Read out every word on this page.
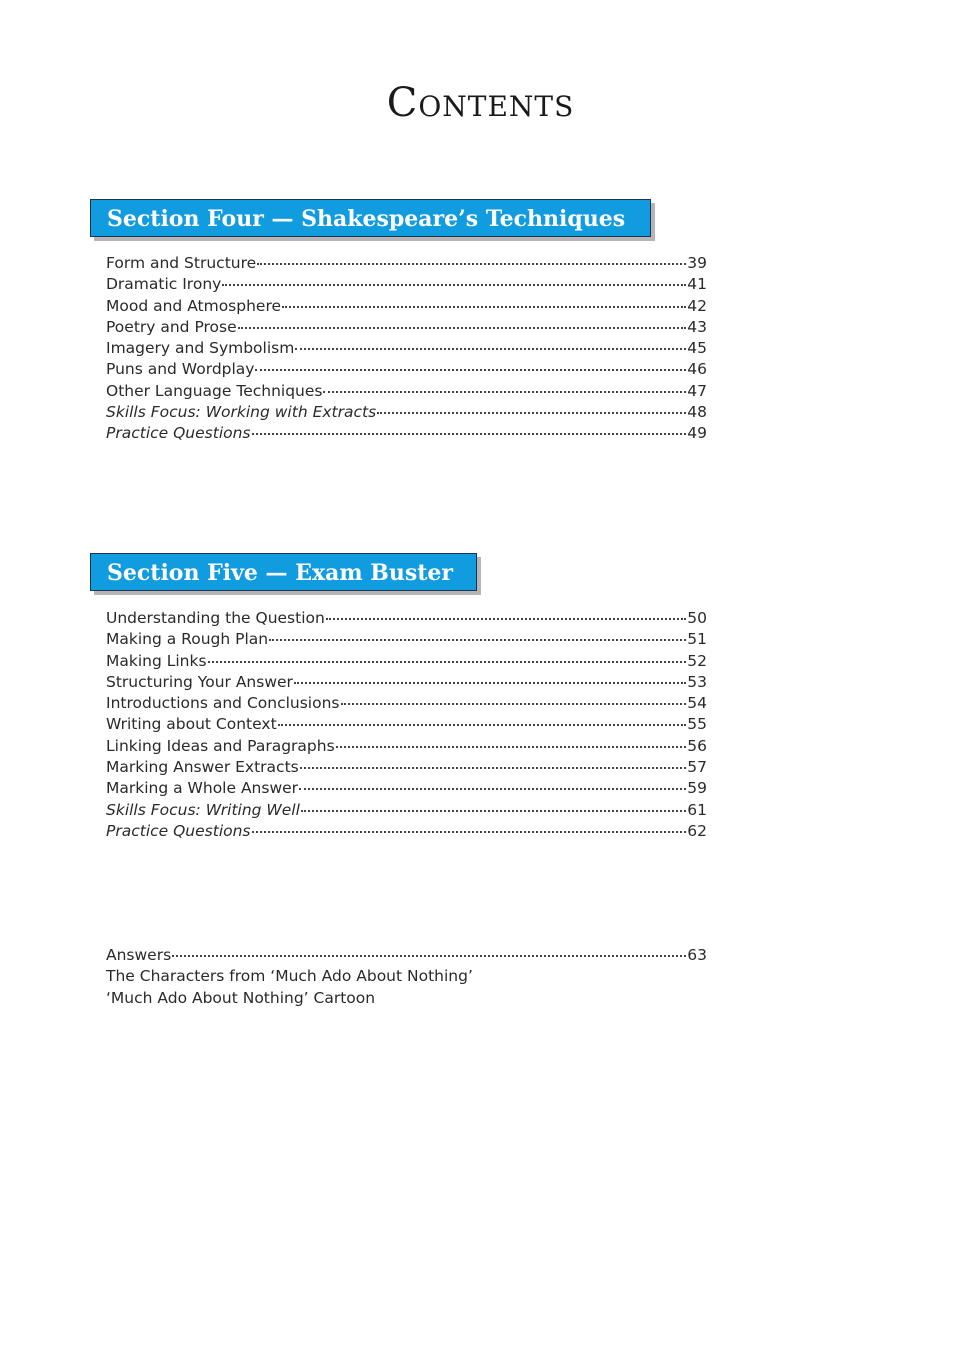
Contents
Section Four — Shakespeare’s Techniques
Form and Structure	39
Dramatic Irony	41
Mood and Atmosphere	42
Poetry and Prose	43
Imagery and Symbolism	45
Puns and Wordplay	46
Other Language Techniques	47
Skills Focus: Working with Extracts	48
Practice Questions	49
Section Five — Exam Buster
Understanding the Question	50
Making a Rough Plan	51
Making Links	52
Structuring Your Answer	53
Introductions and Conclusions	54
Writing about Context	55
Linking Ideas and Paragraphs	56
Marking Answer Extracts	57
Marking a Whole Answer	59
Skills Focus: Writing Well	61
Practice Questions	62
Answers	63
The Characters from ‘Much Ado About Nothing’
‘Much Ado About Nothing’ Cartoon
